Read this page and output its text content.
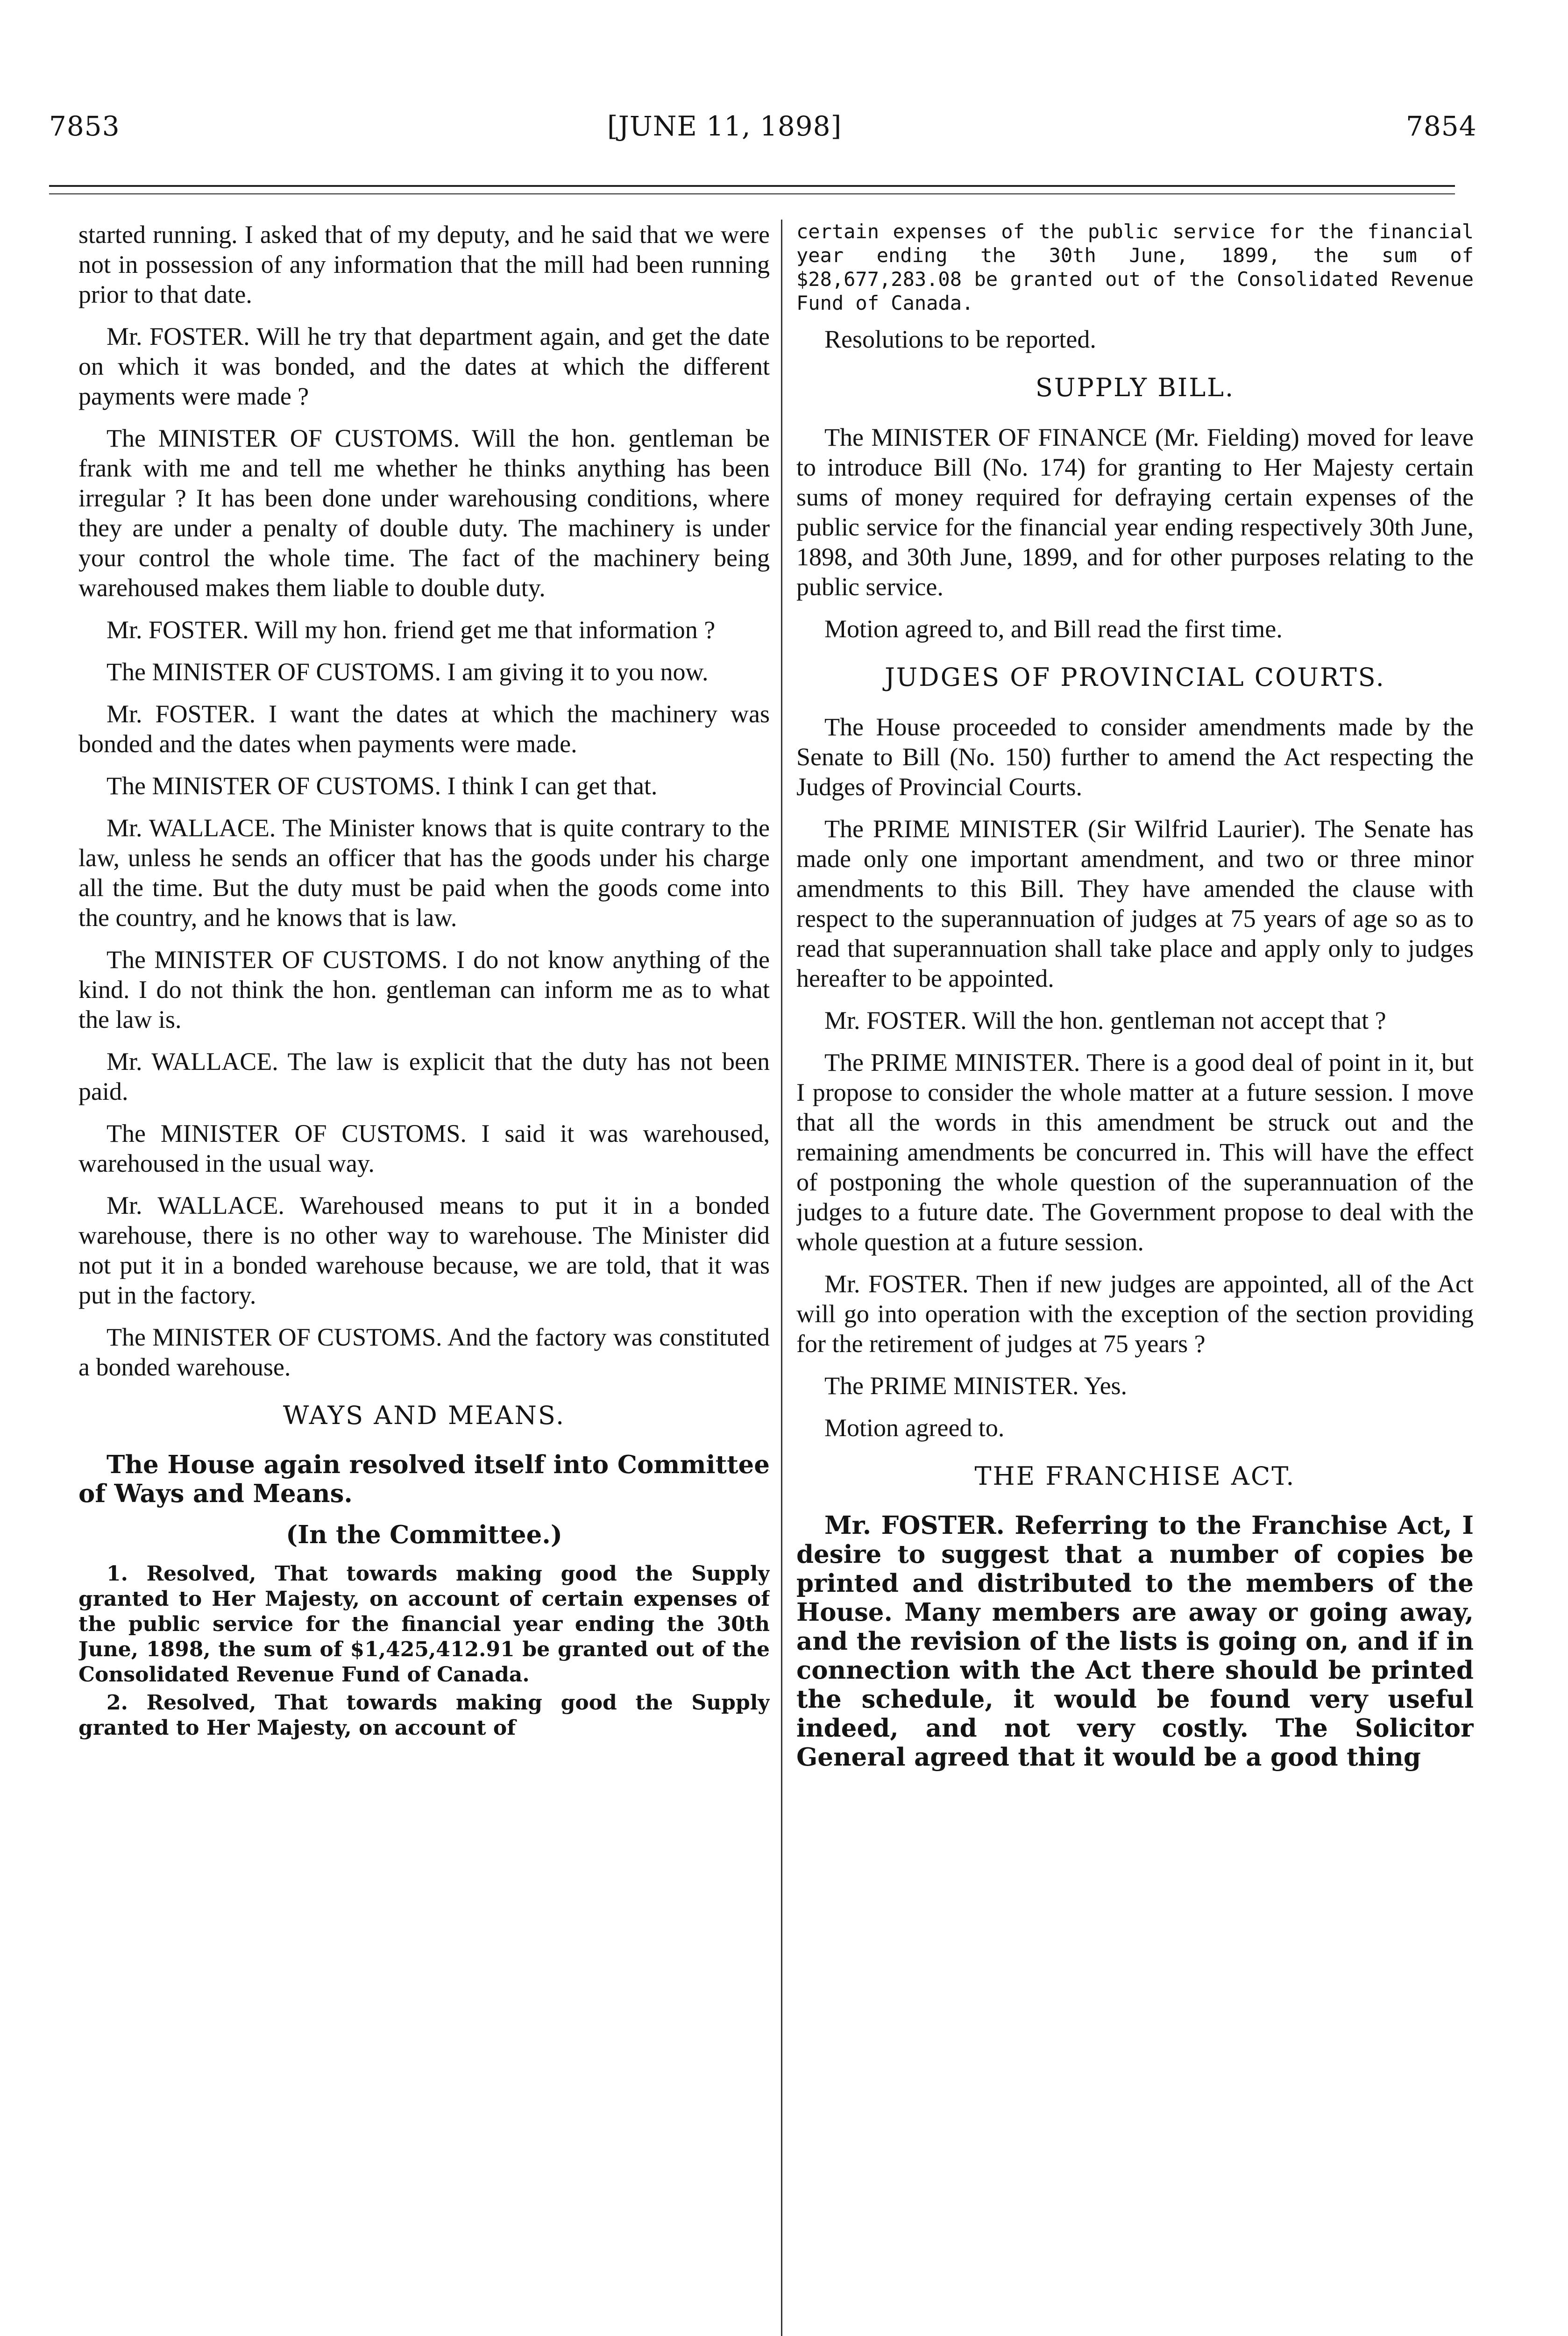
7853	[JUNE 11, 1898]	7854

started running. I asked that of my deputy, and he said that we were not in possession of any information that the mill had been running prior to that date.

Mr. FOSTER. Will he try that department again, and get the date on which it was bonded, and the dates at which the different payments were made ?

The MINISTER OF CUSTOMS. Will the hon. gentleman be frank with me and tell me whether he thinks anything has been irregular ? It has been done under warehousing conditions, where they are under a penalty of double duty. The machinery is under your control the whole time. The fact of the machinery being warehoused makes them liable to double duty.

Mr. FOSTER. Will my hon. friend get me that information ?

The MINISTER OF CUSTOMS. I am giving it to you now.

Mr. FOSTER. I want the dates at which the machinery was bonded and the dates when payments were made.

The MINISTER OF CUSTOMS. I think I can get that.

Mr. WALLACE. The Minister knows that is quite contrary to the law, unless he sends an officer that has the goods under his charge all the time. But the duty must be paid when the goods come into the country, and he knows that is law.

The MINISTER OF CUSTOMS. I do not know anything of the kind. I do not think the hon. gentleman can inform me as to what the law is.

Mr. WALLACE. The law is explicit that the duty has not been paid.

The MINISTER OF CUSTOMS. I said it was warehoused, warehoused in the usual way.

Mr. WALLACE. Warehoused means to put it in a bonded warehouse, there is no other way to warehouse. The Minister did not put it in a bonded warehouse because, we are told, that it was put in the factory.

The MINISTER OF CUSTOMS. And the factory was constituted a bonded warehouse.

WAYS AND MEANS.

The House again resolved itself into Committee of Ways and Means.

(In the Committee.)

1. Resolved, That towards making good the Supply granted to Her Majesty, on account of certain expenses of the public service for the financial year ending the 30th June, 1898, the sum of $1,425,412.91 be granted out of the Consolidated Revenue Fund of Canada.

2. Resolved, That towards making good the Supply granted to Her Majesty, on account of

certain expenses of the public service for the financial year ending the 30th June, 1899, the sum of $28,677,283.08 be granted out of the Consolidated Revenue Fund of Canada.

Resolutions to be reported.

SUPPLY BILL.

The MINISTER OF FINANCE (Mr. Fielding) moved for leave to introduce Bill (No. 174) for granting to Her Majesty certain sums of money required for defraying certain expenses of the public service for the financial year ending respectively 30th June, 1898, and 30th June, 1899, and for other purposes relating to the public service.

Motion agreed to, and Bill read the first time.

JUDGES OF PROVINCIAL COURTS.

The House proceeded to consider amendments made by the Senate to Bill (No. 150) further to amend the Act respecting the Judges of Provincial Courts.

The PRIME MINISTER (Sir Wilfrid Laurier). The Senate has made only one important amendment, and two or three minor amendments to this Bill. They have amended the clause with respect to the superannuation of judges at 75 years of age so as to read that superannuation shall take place and apply only to judges hereafter to be appointed.

Mr. FOSTER. Will the hon. gentleman not accept that ?

The PRIME MINISTER. There is a good deal of point in it, but I propose to consider the whole matter at a future session. I move that all the words in this amendment be struck out and the remaining amendments be concurred in. This will have the effect of postponing the whole question of the superannuation of the judges to a future date. The Government propose to deal with the whole question at a future session.

Mr. FOSTER. Then if new judges are appointed, all of the Act will go into operation with the exception of the section providing for the retirement of judges at 75 years ?

The PRIME MINISTER. Yes.

Motion agreed to.

THE FRANCHISE ACT.

Mr. FOSTER. Referring to the Franchise Act, I desire to suggest that a number of copies be printed and distributed to the members of the House. Many members are away or going away, and the revision of the lists is going on, and if in connection with the Act there should be printed the schedule, it would be found very useful indeed, and not very costly. The Solicitor General agreed that it would be a good thing
